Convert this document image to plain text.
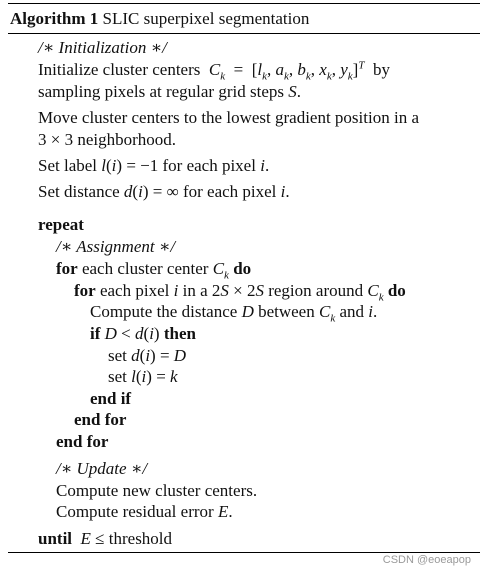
Algorithm 1 SLIC superpixel segmentation
/∗ Initialization ∗/
Initialize cluster centers $C_k = [l_k$, $a_k$, $b_k$, $x_k$, $y_k]^T$ by
sampling pixels at regular grid steps S.
Move cluster centers to the lowest gradient position in a
3 × 3 neighborhood.
Set label l(i) = −1 for each pixel i.
Set distance d(i) = ∞ for each pixel i.
repeat
/∗ Assignment ∗/
for each cluster center $C_k$ do
for each pixel i in a 2S × 2S region around $C_k$ do
Compute the distance D between $C_k$ and i.
if D < d(i) then
set d(i) = D
set l(i) = k
end if
end for
end for
/∗ Update ∗/
Compute new cluster centers.
Compute residual error E.
until E ≤ threshold
CSDN @eoeapop
